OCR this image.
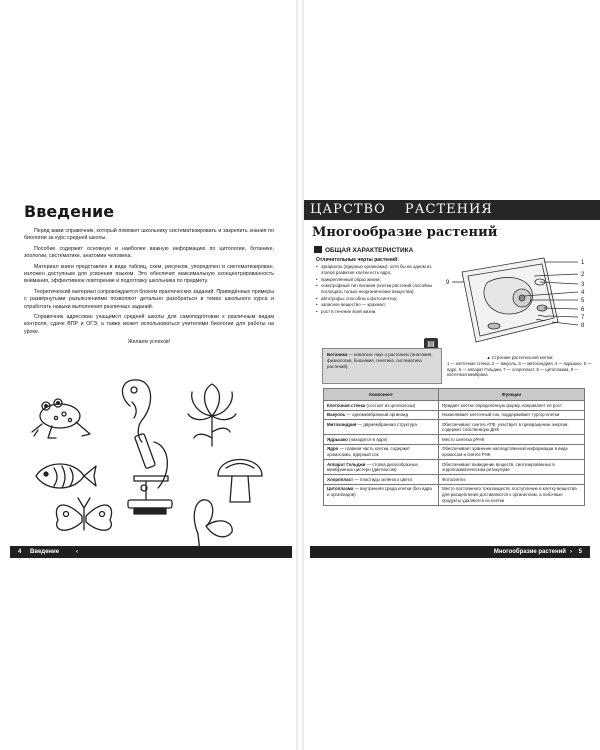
Введение

Перед вами справочник, который поможет школьнику систематизировать и закрепить знания по биологии за курс средней школы.

Пособие содержит основную и наиболее важную информацию по цитологии, ботанике, зоологии, систематике, анатомии человека.

Материал книги представлен в виде таблиц, схем, рисунков, упорядочен и систематизирован, изложен доступным для усвоения языком. Это обеспечит максимальную сконцентрированность внимания, эффективное повторение и подготовку школьника по предмету.

Теоретический материал сопровождается блоком практических заданий. Приведённые примеры с развёрнутыми разъяснениями позволяют детально разобраться в темах школьного курса и отработать навыки выполнения различных заданий.

Справочник адресован учащимся средней школы для самоподготовки к различным видам контроля, сдаче ВПР и ОГЭ, а также может использоваться учителями биологии для работы на уроке.

Желаем успехов!

4 Введение	‹
ЦАРСТВО РАСТЕНИЯ
Многообразие растений
ОБЩАЯ ХАРАКТЕРИСТИКА
Отличительные черты растений:
• эукариоты (ядерные организмы): хотя бы на одном из этапов развития клетки есть ядро;
• прикреплённый образ жизни;
• осмотрофный тип питания (клетки растений способны поглощать только неорганические вещества);
• автотрофы: способны к фотосинтезу;
• запасное вещество — крахмал;
• рост в течение всей жизни.
▤
Ботаника — комплекс наук о растениях (анатомия, физиология, биохимия, генетика, систематика растений).
1
2
3
4
5
6
7
8
9
▲ Строение растительной клетки:
1 — клеточная стенка, 2 — вакуоль, 3 — митохондрия, 4 — ядрышко, 5 — ядро, 6 — аппарат Гольджи, 7 — хлоропласт, 8 — цитоплазма, 9 — клеточная мембрана
Компонент	Функции
Клеточная стенка (состоит из целлюлозы)	Придаёт клетке определённую форму, направляет её рост
Вакуоль — одномембранный органоид	Накапливает клеточный сок, поддерживает тургор клетки
Митохондрия — двумембранная структура	Обеспечивает синтез АТФ, участвует в превращении энергии, содержит собственную ДНК
Ядрышко (находится в ядре)	Место синтеза рРНК
Ядро — главная часть клетки, содержит хромосомы, ядерный сок	Обеспечивает хранение наследственной информации в виде хромосом и синтез РНК
Аппарат Гольджи — стопка дискообразных мембранных цистерн (диктиосом)	Обеспечивает выведение веществ, синтезированных в эндоплазматическом ретикулуме
Хлоропласт — пластиды зелёного цвета	Фотосинтез
Цитоплазма — внутренняя среда клетки (без ядра и органоидов)	Место постоянного тока веществ: поступление в клетку вещества для расщепления доставляются к органеллам, а побочные продукты удаляются из клетки
Многообразие растений › 5
